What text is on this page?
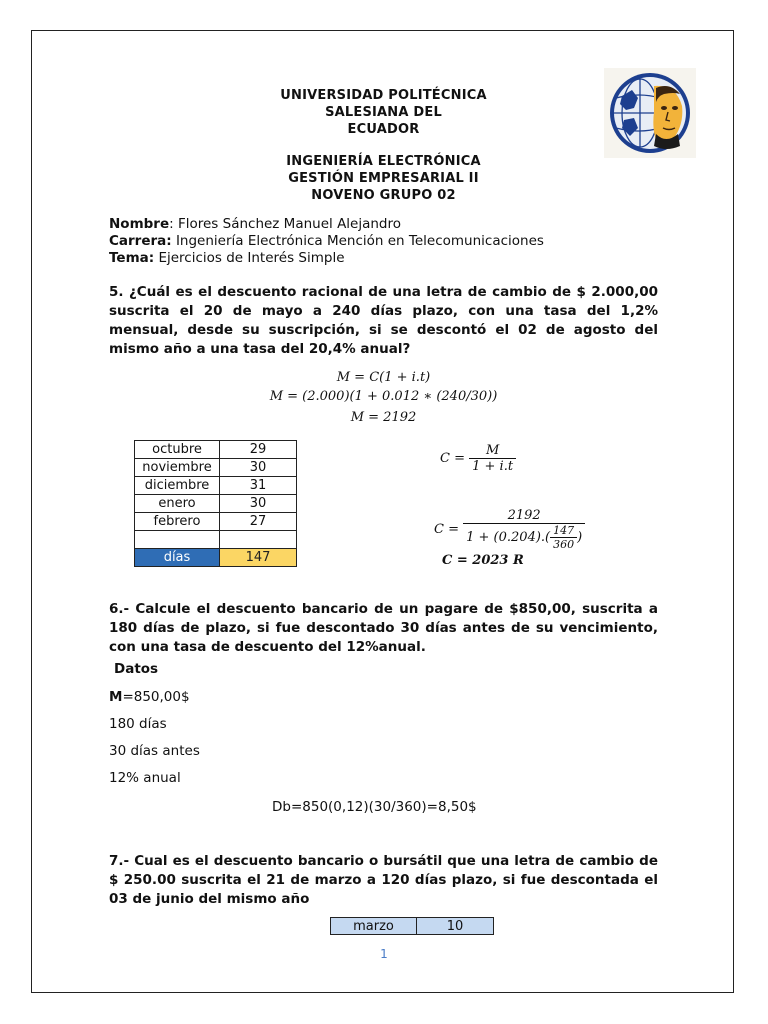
UNIVERSIDAD POLITÉCNICA
SALESIANA DEL
ECUADOR
INGENIERÍA ELECTRÓNICA
GESTIÓN EMPRESARIAL II
NOVENO GRUPO 02
Nombre: Flores Sánchez Manuel Alejandro
Carrera: Ingeniería Electrónica Mención en Telecomunicaciones
Tema: Ejercicios de Interés Simple
5. ¿Cuál es el descuento racional de una letra de cambio de $ 2.000,00 suscrita el 20 de mayo a 240 días plazo, con una tasa del 1,2% mensual, desde su suscripción, si se descontó el 02 de agosto del mismo año a una tasa del 20,4% anual?
M = C(1 + i.t)
M = (2.000)(1 + 0.012 ∗ (240/30))
M = 2192
octubre	29
noviembre	30
diciembre	31
enero	30
febrero	27

días	147
$C = \frac{M}{1 + i.t}$
$C = \frac{2192}{1 + (0.204).( \frac{147}{360} )}$
C = 2023 R
6.- Calcule el descuento bancario de un pagare de $850,00, suscrita a 180 días de plazo, si fue descontado 30 días antes de su vencimiento, con una tasa de descuento del 12%anual.
Datos
M=850,00$
180 días
30 días antes
12% anual
Db=850(0,12)(30/360)=8,50$
7.- Cual es el descuento bancario o bursátil que una letra de cambio de $ 250.00 suscrita el 21 de marzo a 120 días plazo, si fue descontada el 03 de junio del mismo año
marzo	10
1
